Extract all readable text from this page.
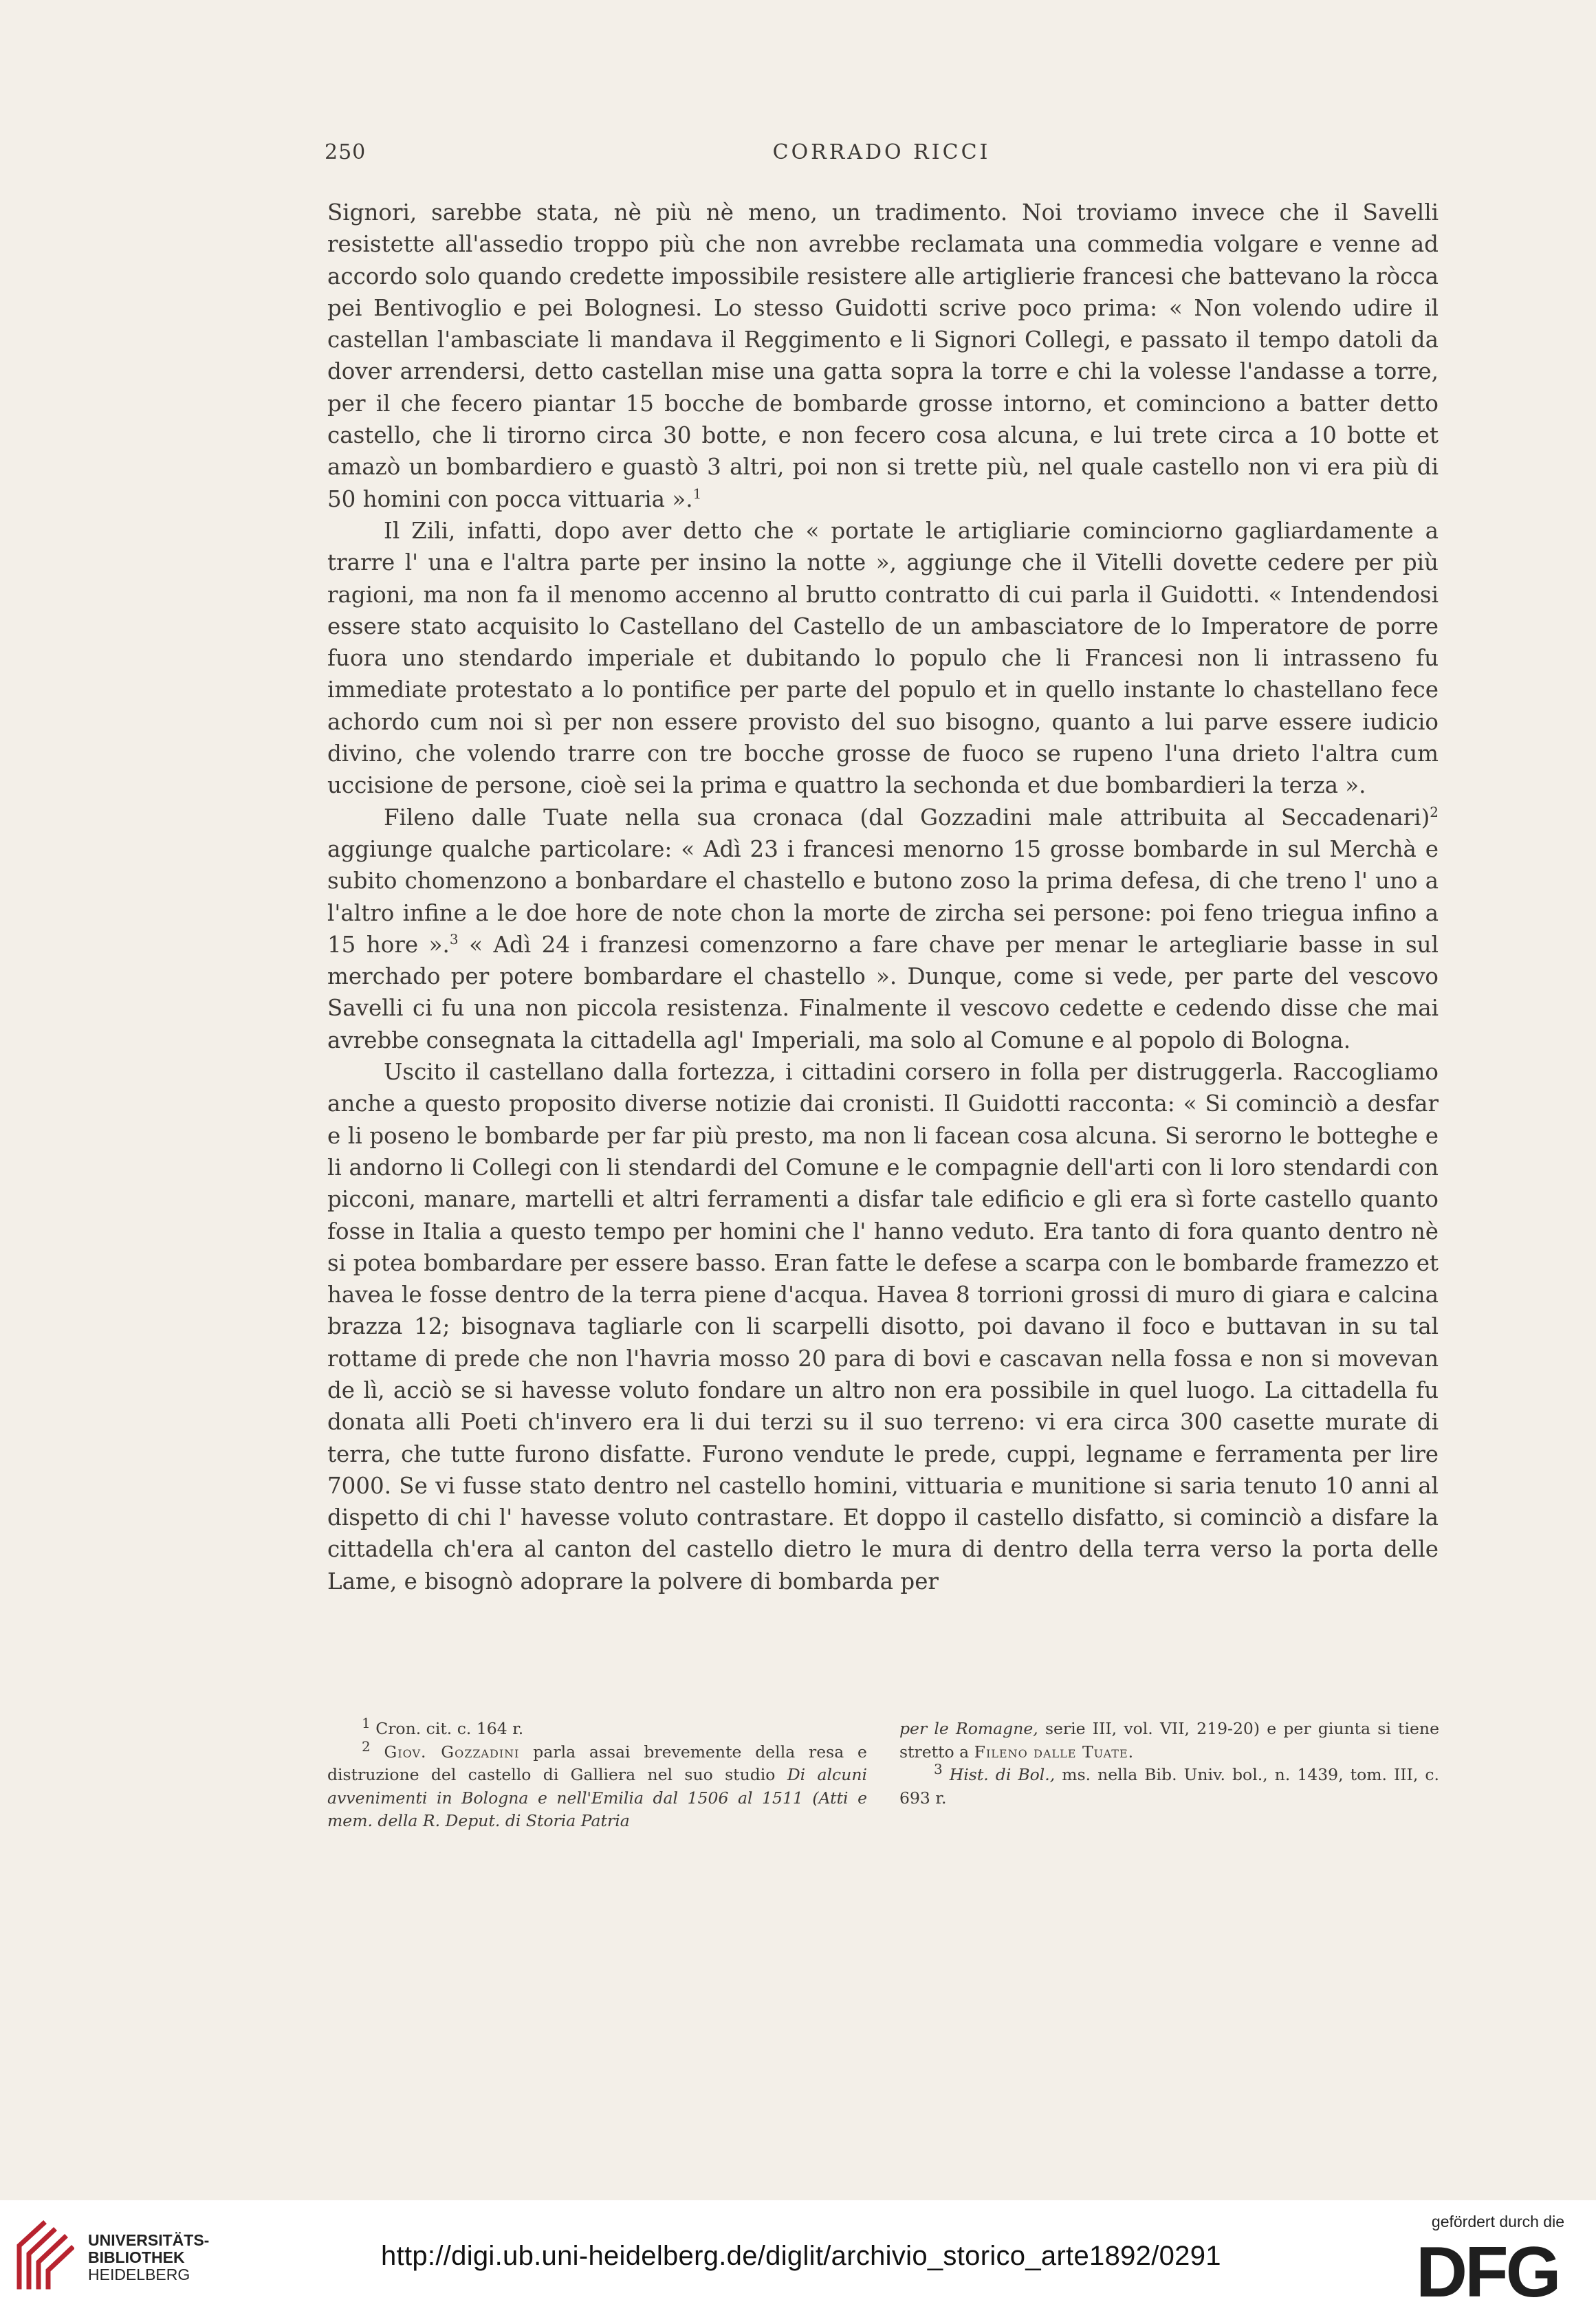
250	CORRADO RICCI

Signori, sarebbe stata, nè più nè meno, un tradimento. Noi troviamo invece che il Savelli resistette all'assedio troppo più che non avrebbe reclamata una commedia volgare e venne ad accordo solo quando credette impossibile resistere alle artiglierie francesi che battevano la ròcca pei Bentivoglio e pei Bolognesi. Lo stesso Guidotti scrive poco prima: « Non volendo udire il castellan l'ambasciate li mandava il Reggimento e li Signori Collegi, e passato il tempo datoli da dover arrendersi, detto castellan mise una gatta sopra la torre e chi la volesse l'andasse a torre, per il che fecero piantar 15 bocche de bombarde grosse intorno, et cominciono a batter detto castello, che li tirorno circa 30 botte, e non fecero cosa alcuna, e lui trete circa a 10 botte et amazò un bombardiero e guastò 3 altri, poi non si trette più, nel quale castello non vi era più di 50 homini con pocca vittuaria ».$^1$

Il Zili, infatti, dopo aver detto che « portate le artigliarie cominciorno gagliardamente a trarre l' una e l'altra parte per insino la notte », aggiunge che il Vitelli dovette cedere per più ragioni, ma non fa il menomo accenno al brutto contratto di cui parla il Guidotti. « Intendendosi essere stato acquisito lo Castellano del Castello de un ambasciatore de lo Imperatore de porre fuora uno stendardo imperiale et dubitando lo populo che li Francesi non li intrasseno fu immediate protestato a lo pontifice per parte del populo et in quello instante lo chastellano fece achordo cum noi sì per non essere provisto del suo bisogno, quanto a lui parve essere iudicio divino, che volendo trarre con tre bocche grosse de fuoco se rupeno l'una drieto l'altra cum uccisione de persone, cioè sei la prima e quattro la sechonda et due bombardieri la terza ».

Fileno dalle Tuate nella sua cronaca (dal Gozzadini male attribuita al Seccadenari)$^2$ aggiunge qualche particolare: « Adì 23 i francesi menorno 15 grosse bombarde in sul Merchà e subito chomenzono a bonbardare el chastello e butono zoso la prima defesa, di che treno l' uno a l'altro infine a le doe hore de note chon la morte de zircha sei persone: poi feno triegua infino a 15 hore ».$^3$ « Adì 24 i franzesi comenzorno a fare chave per menar le artegliarie basse in sul merchado per potere bombardare el chastello ». Dunque, come si vede, per parte del vescovo Savelli ci fu una non piccola resistenza. Finalmente il vescovo cedette e cedendo disse che mai avrebbe consegnata la cittadella agl' Imperiali, ma solo al Comune e al popolo di Bologna.

Uscito il castellano dalla fortezza, i cittadini corsero in folla per distruggerla. Raccogliamo anche a questo proposito diverse notizie dai cronisti. Il Guidotti racconta: « Si cominciò a desfar e li poseno le bombarde per far più presto, ma non li facean cosa alcuna. Si serorno le botteghe e li andorno li Collegi con li stendardi del Comune e le compagnie dell'arti con li loro stendardi con picconi, manare, martelli et altri ferramenti a disfar tale edificio e gli era sì forte castello quanto fosse in Italia a questo tempo per homini che l' hanno veduto. Era tanto di fora quanto dentro nè si potea bombardare per essere basso. Eran fatte le defese a scarpa con le bombarde framezzo et havea le fosse dentro de la terra piene d'acqua. Havea 8 torrioni grossi di muro di giara e calcina brazza 12; bisognava tagliarle con li scarpelli disotto, poi davano il foco e buttavan in su tal rottame di prede che non l'havria mosso 20 para di bovi e cascavan nella fossa e non si movevan de lì, acciò se si havesse voluto fondare un altro non era possibile in quel luogo. La cittadella fu donata alli Poeti ch'invero era li dui terzi su il suo terreno: vi era circa 300 casette murate di terra, che tutte furono disfatte. Furono vendute le prede, cuppi, legname e ferramenta per lire 7000. Se vi fusse stato dentro nel castello homini, vittuaria e munitione si saria tenuto 10 anni al dispetto di chi l' havesse voluto contrastare. Et doppo il castello disfatto, si cominciò a disfare la cittadella ch'era al canton del castello dietro le mura di dentro della terra verso la porta delle Lame, e bisognò adoprare la polvere di bombarda per

$^1$ Cron. cit. c. 164 r.

$^2$ Giov. Gozzadini parla assai brevemente della resa e distruzione del castello di Galliera nel suo studio Di alcuni avvenimenti in Bologna e nell'Emilia dal 1506 al 1511 (Atti e mem. della R. Deput. di Storia Patria

per le Romagne, serie III, vol. VII, 219-20) e per giunta si tiene stretto a Fileno dalle Tuate.

$^3$ Hist. di Bol., ms. nella Bib. Univ. bol., n. 1439, tom. III, c. 693 r.

UNIVERSITÄTS-
BIBLIOTHEK
HEIDELBERG
http://digi.ub.uni-heidelberg.de/diglit/archivio_storico_arte1892/0291
gefördert durch die
DFG
